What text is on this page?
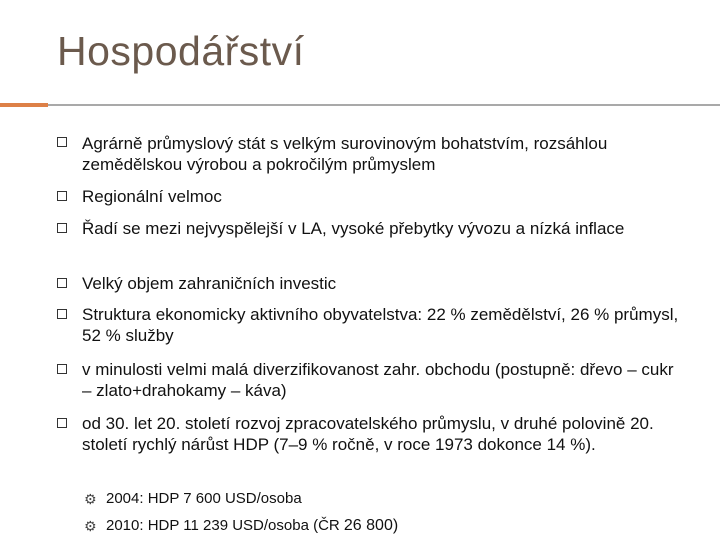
Hospodářství
Agrárně průmyslový stát s velkým surovinovým bohatstvím, rozsáhlou zemědělskou výrobou a pokročilým průmyslem
Regionální velmoc
Řadí se mezi nejvyspělejší v LA, vysoké přebytky vývozu a nízká inflace
Velký objem zahraničních investic
Struktura ekonomicky aktivního obyvatelstva: 22 % zemědělství, 26 % průmysl, 52 % služby
v minulosti velmi malá diverzifikovanost zahr. obchodu (postupně: dřevo – cukr – zlato+drahokamy – káva)
od 30. let 20. století rozvoj zpracovatelského průmyslu, v druhé polovině 20. století rychlý nárůst HDP (7–9 % ročně, v roce 1973 dokonce 14 %).
⚙ 2004: HDP 7 600 USD/osoba
⚙ 2010: HDP 11 239 USD/osoba (ČR 26 800)
